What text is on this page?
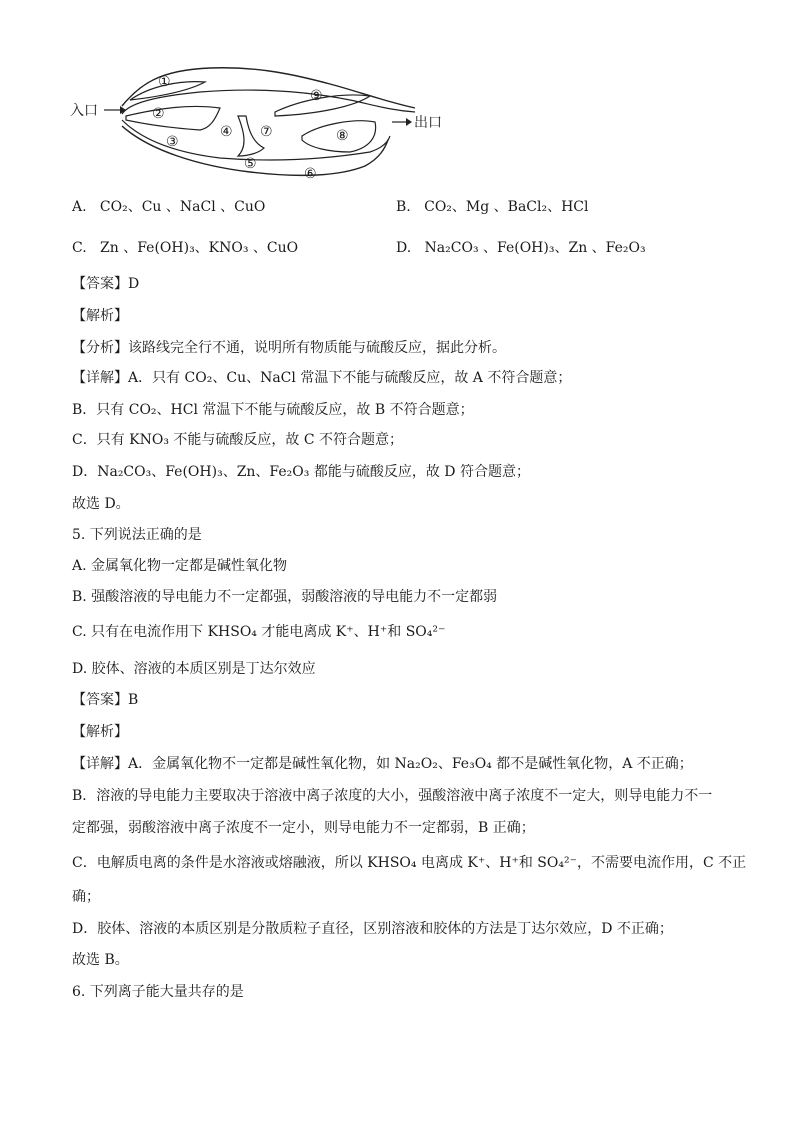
入口
出口
①
②
③
④
⑤
⑥
⑦	⑧
⑨
A. CO₂、Cu 、NaCl 、CuO	B. CO₂、Mg 、BaCl₂、HCl
C. Zn 、Fe(OH)₃、KNO₃ 、CuO	D. Na₂CO₃ 、Fe(OH)₃、Zn 、Fe₂O₃
【答案】D
【解析】
【分析】该路线完全行不通，说明所有物质能与硫酸反应，据此分析。
【详解】A．只有 CO₂、Cu、NaCl 常温下不能与硫酸反应，故 A 不符合题意；
B．只有 CO₂、HCl 常温下不能与硫酸反应，故 B 不符合题意；
C．只有 KNO₃ 不能与硫酸反应，故 C 不符合题意；
D．Na₂CO₃、Fe(OH)₃、Zn、Fe₂O₃ 都能与硫酸反应，故 D 符合题意；
故选 D。
5. 下列说法正确的是
A. 金属氧化物一定都是碱性氧化物
B. 强酸溶液的导电能力不一定都强，弱酸溶液的导电能力不一定都弱
C. 只有在电流作用下 KHSO₄ 才能电离成 K⁺、H⁺和 SO₄²⁻
D. 胶体、溶液的本质区别是丁达尔效应
【答案】B
【解析】
【详解】A．金属氧化物不一定都是碱性氧化物，如 Na₂O₂、Fe₃O₄ 都不是碱性氧化物，A 不正确；
B．溶液的导电能力主要取决于溶液中离子浓度的大小，强酸溶液中离子浓度不一定大，则导电能力不一
定都强，弱酸溶液中离子浓度不一定小，则导电能力不一定都弱，B 正确；
C．电解质电离的条件是水溶液或熔融液，所以 KHSO₄ 电离成 K⁺、H⁺和 SO₄²⁻，不需要电流作用，C 不正
确；
D．胶体、溶液的本质区别是分散质粒子直径，区别溶液和胶体的方法是丁达尔效应，D 不正确；
故选 B。
6. 下列离子能大量共存的是
